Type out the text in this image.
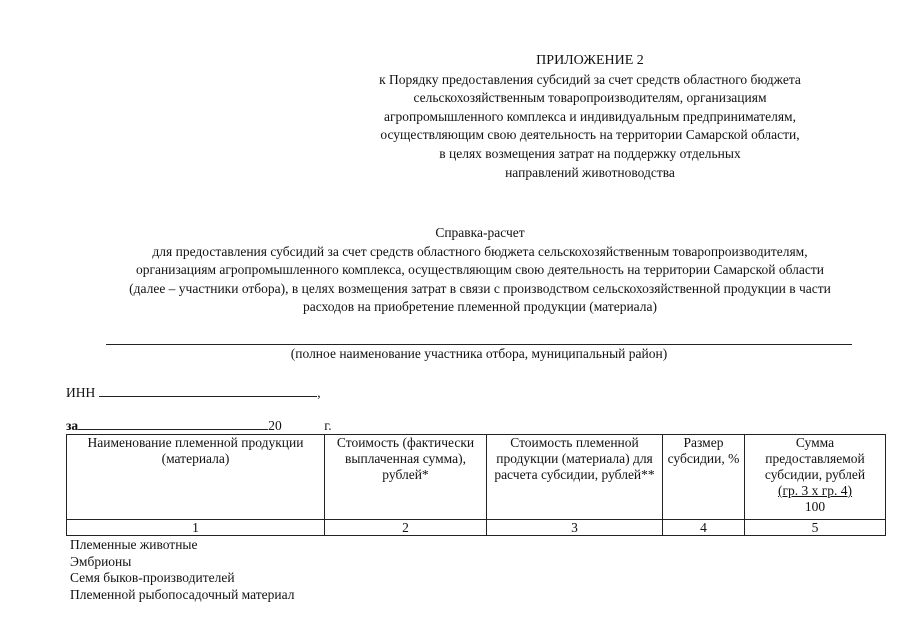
ПРИЛОЖЕНИЕ 2
к Порядку предоставления субсидий за счет средств областного бюджета
сельскохозяйственным товаропроизводителям, организациям
агропромышленного комплекса и индивидуальным предпринимателям,
осуществляющим свою деятельность на территории Самарской области,
в целях возмещения затрат на поддержку отдельных
направлений животноводства
Справка-расчет
для предоставления субсидий за счет средств областного бюджета сельскохозяйственным товаропроизводителям,
организациям агропромышленного комплекса, осуществляющим свою деятельность на территории Самарской области
(далее – участники отбора), в целях возмещения затрат в связи с производством сельскохозяйственной продукции в части
расходов на приобретение племенной продукции (материала)
(полное наименование участника отбора, муниципальный район)
ИНН	,
за	20	г.
Наименование племенной продукции (материала)	Стоимость (фактически выплаченная сумма), рублей*	Стоимость племенной продукции (материала) для расчета субсидии, рублей**	Размер субсидии, %	Сумма предоставляемой субсидии, рублей
(гр. 3 х гр. 4)
100

1	2	3	4	5
Племенные животные
Эмбрионы
Семя быков-производителей
Племенной рыбопосадочный материал
